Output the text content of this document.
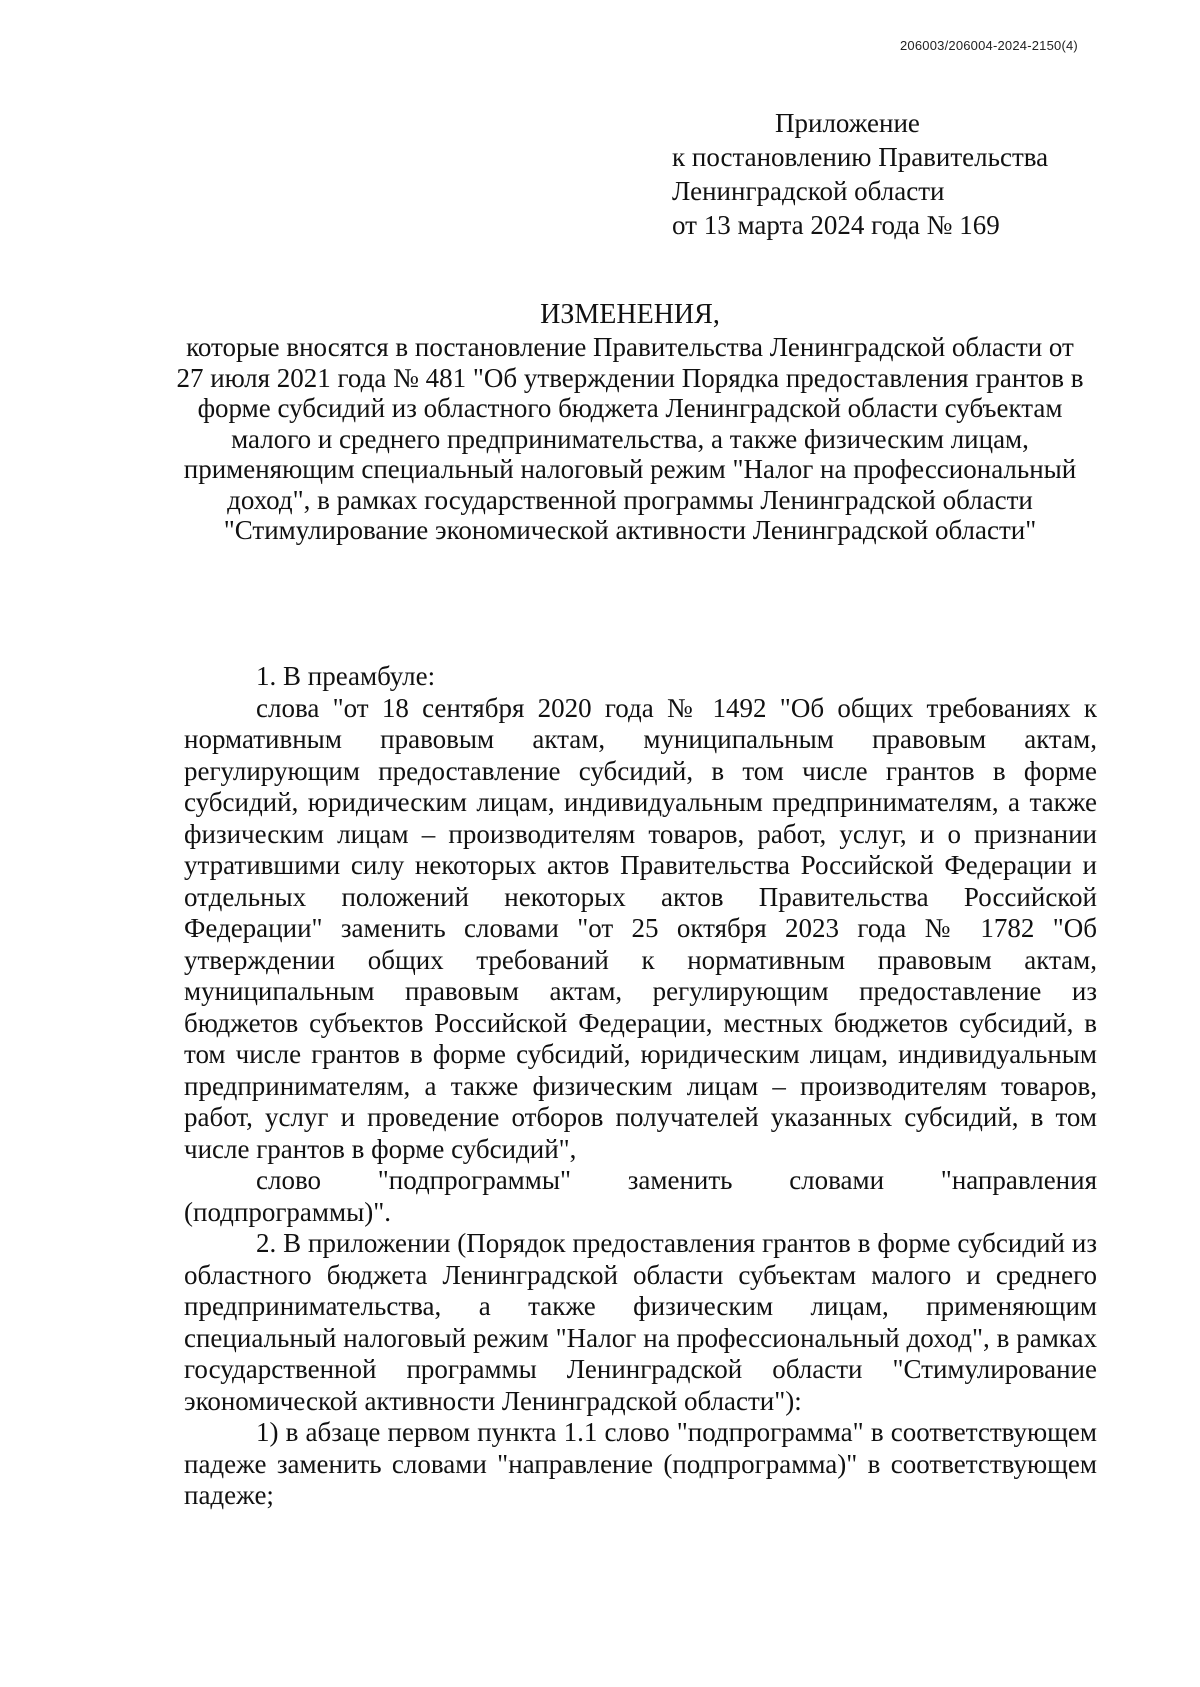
206003/206004-2024-2150(4)
Приложение
к постановлению Правительства
Ленинградской области
от 13 марта 2024 года № 169
ИЗМЕНЕНИЯ,
которые вносятся в постановление Правительства Ленинградской области от 27 июля 2021 года № 481 "Об утверждении Порядка предоставления грантов в форме субсидий из областного бюджета Ленинградской области субъектам малого и среднего предпринимательства, а также физическим лицам, применяющим специальный налоговый режим "Налог на профессиональный доход", в рамках государственной программы Ленинградской области "Стимулирование экономической активности Ленинградской области"

1. В преамбуле:

слова "от 18 сентября 2020 года № 1492 "Об общих требованиях к нормативным правовым актам, муниципальным правовым актам, регулирующим предоставление субсидий, в том числе грантов в форме субсидий, юридическим лицам, индивидуальным предпринимателям, а также физическим лицам – производителям товаров, работ, услуг, и о признании утратившими силу некоторых актов Правительства Российской Федерации и отдельных положений некоторых актов Правительства Российской Федерации" заменить словами "от 25 октября 2023 года № 1782 "Об утверждении общих требований к нормативным правовым актам, муниципальным правовым актам, регулирующим предоставление из бюджетов субъектов Российской Федерации, местных бюджетов субсидий, в том числе грантов в форме субсидий, юридическим лицам, индивидуальным предпринимателям, а также физическим лицам – производителям товаров, работ, услуг и проведение отборов получателей указанных субсидий, в том числе грантов в форме субсидий",

слово "подпрограммы" заменить словами "направления (подпрограммы)".

2. В приложении (Порядок предоставления грантов в форме субсидий из областного бюджета Ленинградской области субъектам малого и среднего предпринимательства, а также физическим лицам, применяющим специальный налоговый режим "Налог на профессиональный доход", в рамках государственной программы Ленинградской области "Стимулирование экономической активности Ленинградской области"):

1) в абзаце первом пункта 1.1 слово "подпрограмма" в соответствующем падеже заменить словами "направление (подпрограмма)" в соответствующем падеже;
